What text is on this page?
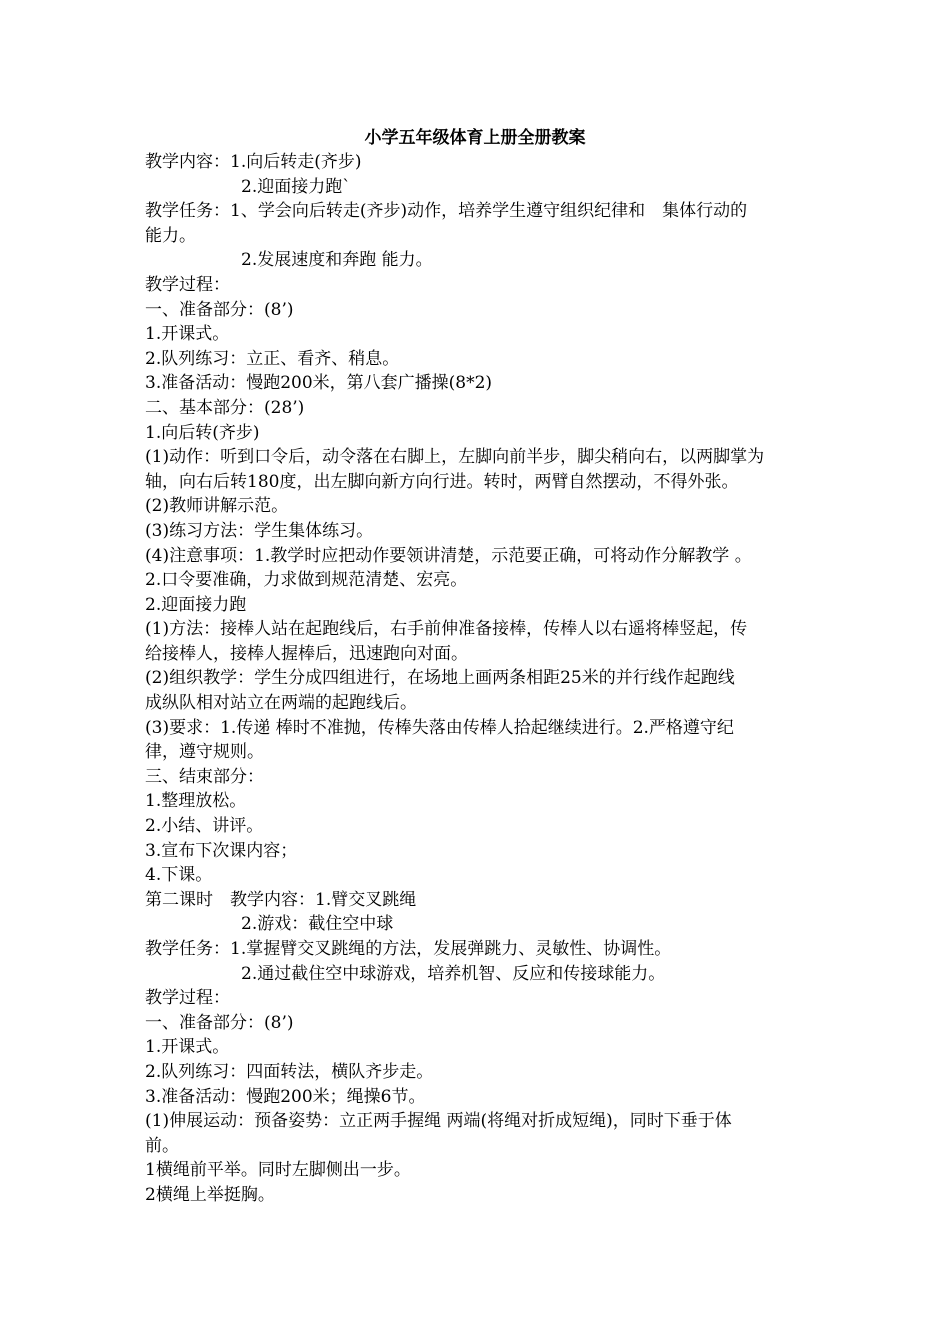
小学五年级体育上册全册教案
教学内容：1.向后转走(齐步)
2.迎面接力跑`
教学任务：1、学会向后转走(齐步)动作，培养学生遵守组织纪律和　集体行动的
能力。
2.发展速度和奔跑 能力。
教学过程：
一、准备部分：(8’)
1.开课式。
2.队列练习：立正、看齐、稍息。
3.准备活动：慢跑200米，第八套广播操(8*2)
二、基本部分：(28’)
1.向后转(齐步)
(1)动作：听到口令后，动令落在右脚上，左脚向前半步，脚尖稍向右，以两脚掌为
轴，向右后转180度，出左脚向新方向行进。转时，两臂自然摆动，不得外张。
(2)教师讲解示范。
(3)练习方法：学生集体练习。
(4)注意事项：1.教学时应把动作要领讲清楚，示范要正确，可将动作分解教学 。
2.口令要准确，力求做到规范清楚、宏亮。
2.迎面接力跑
(1)方法：接棒人站在起跑线后，右手前伸准备接棒，传棒人以右遥将棒竖起，传
给接棒人，接棒人握棒后，迅速跑向对面。
(2)组织教学：学生分成四组进行，在场地上画两条相距25米的并行线作起跑线
成纵队相对站立在两端的起跑线后。
(3)要求：1.传递 棒时不准抛，传棒失落由传棒人拾起继续进行。2.严格遵守纪
律，遵守规则。
三、结束部分：
1.整理放松。
2.小结、讲评。
3.宣布下次课内容；
4.下课。
第二课时　教学内容：1.臂交叉跳绳
2.游戏：截住空中球
教学任务：1.掌握臂交叉跳绳的方法，发展弹跳力、灵敏性、协调性。
2.通过截住空中球游戏，培养机智、反应和传接球能力。
教学过程：
一、准备部分：(8’)
1.开课式。
2.队列练习：四面转法，横队齐步走。
3.准备活动：慢跑200米；绳操6节。
(1)伸展运动：预备姿势：立正两手握绳 两端(将绳对折成短绳)，同时下垂于体
前。
1横绳前平举。同时左脚侧出一步。
2横绳上举挺胸。
